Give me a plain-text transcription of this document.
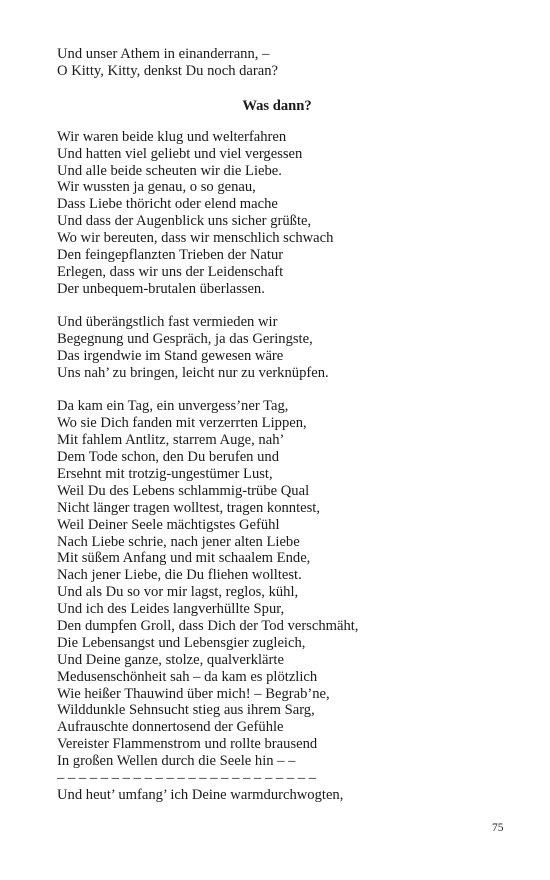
Und unser Athem in einanderrann, –
O Kitty, Kitty, denkst Du noch daran?
Was dann?
Wir waren beide klug und welterfahren
Und hatten viel geliebt und viel vergessen
Und alle beide scheuten wir die Liebe.
Wir wussten ja genau, o so genau,
Dass Liebe thöricht oder elend mache
Und dass der Augenblick uns sicher grüßte,
Wo wir bereuten, dass wir menschlich schwach
Den feingepflanzten Trieben der Natur
Erlegen, dass wir uns der Leidenschaft
Der unbequem-brutalen überlassen.
Und überängstlich fast vermieden wir
Begegnung und Gespräch, ja das Geringste,
Das irgendwie im Stand gewesen wäre
Uns nah’ zu bringen, leicht nur zu verknüpfen.
Da kam ein Tag, ein unvergess’ner Tag,
Wo sie Dich fanden mit verzerrten Lippen,
Mit fahlem Antlitz, starrem Auge, nah’
Dem Tode schon, den Du berufen und
Ersehnt mit trotzig-ungestümer Lust,
Weil Du des Lebens schlammig-trübe Qual
Nicht länger tragen wolltest, tragen konntest,
Weil Deiner Seele mächtigstes Gefühl
Nach Liebe schrie, nach jener alten Liebe
Mit süßem Anfang und mit schaalem Ende,
Nach jener Liebe, die Du fliehen wolltest.
Und als Du so vor mir lagst, reglos, kühl,
Und ich des Leides langverhüllte Spur,
Den dumpfen Groll, dass Dich der Tod verschmäht,
Die Lebensangst und Lebensgier zugleich,
Und Deine ganze, stolze, qualverklärte
Medusenschönheit sah – da kam es plötzlich
Wie heißer Thauwind über mich! – Begrab’ne,
Wilddunkle Sehnsucht stieg aus ihrem Sarg,
Aufrauschte donnertosend der Gefühle
Vereister Flammenstrom und rollte brausend
In großen Wellen durch die Seele hin – –
– – – – – – – – – – – – – – – – – – – – – – – –
Und heut’ umfang’ ich Deine warmdurchwogten,
75
